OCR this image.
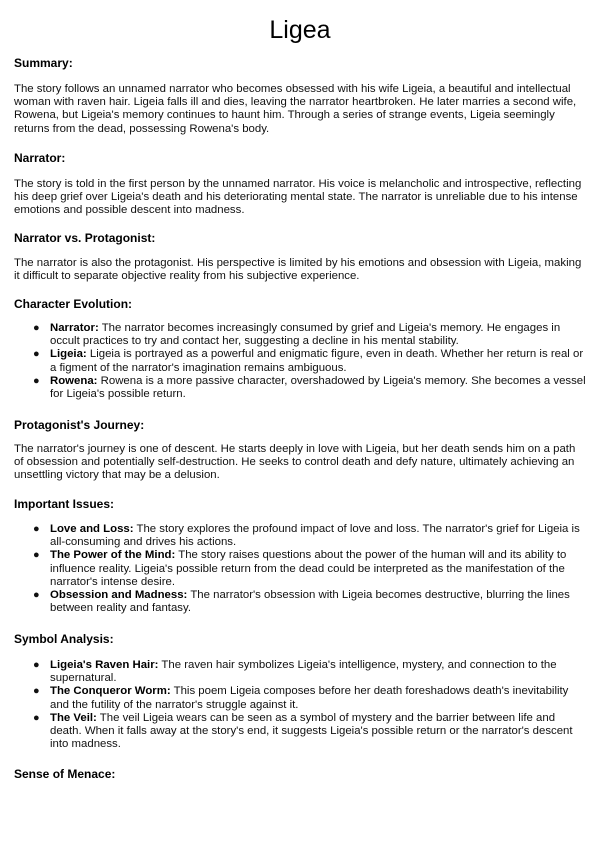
Ligea
Summary:

The story follows an unnamed narrator who becomes obsessed with his wife Ligeia, a beautiful and intellectual woman with raven hair. Ligeia falls ill and dies, leaving the narrator heartbroken. He later marries a second wife, Rowena, but Ligeia's memory continues to haunt him. Through a series of strange events, Ligeia seemingly returns from the dead, possessing Rowena's body.

Narrator:

The story is told in the first person by the unnamed narrator. His voice is melancholic and introspective, reflecting his deep grief over Ligeia's death and his deteriorating mental state. The narrator is unreliable due to his intense emotions and possible descent into madness.

Narrator vs. Protagonist:

The narrator is also the protagonist. His perspective is limited by his emotions and obsession with Ligeia, making it difficult to separate objective reality from his subjective experience.

Character Evolution:
● Narrator: The narrator becomes increasingly consumed by grief and Ligeia's memory. He engages in occult practices to try and contact her, suggesting a decline in his mental stability.
● Ligeia: Ligeia is portrayed as a powerful and enigmatic figure, even in death. Whether her return is real or a figment of the narrator's imagination remains ambiguous.
● Rowena: Rowena is a more passive character, overshadowed by Ligeia's memory. She becomes a vessel for Ligeia's possible return.
Protagonist's Journey:

The narrator's journey is one of descent. He starts deeply in love with Ligeia, but her death sends him on a path of obsession and potentially self-destruction. He seeks to control death and defy nature, ultimately achieving an unsettling victory that may be a delusion.

Important Issues:
● Love and Loss: The story explores the profound impact of love and loss. The narrator's grief for Ligeia is all-consuming and drives his actions.
● The Power of the Mind: The story raises questions about the power of the human will and its ability to influence reality. Ligeia's possible return from the dead could be interpreted as the manifestation of the narrator's intense desire.
● Obsession and Madness: The narrator's obsession with Ligeia becomes destructive, blurring the lines between reality and fantasy.
Symbol Analysis:
● Ligeia's Raven Hair: The raven hair symbolizes Ligeia's intelligence, mystery, and connection to the supernatural.
● The Conqueror Worm: This poem Ligeia composes before her death foreshadows death's inevitability and the futility of the narrator's struggle against it.
● The Veil: The veil Ligeia wears can be seen as a symbol of mystery and the barrier between life and death. When it falls away at the story's end, it suggests Ligeia's possible return or the narrator's descent into madness.
Sense of Menace:
